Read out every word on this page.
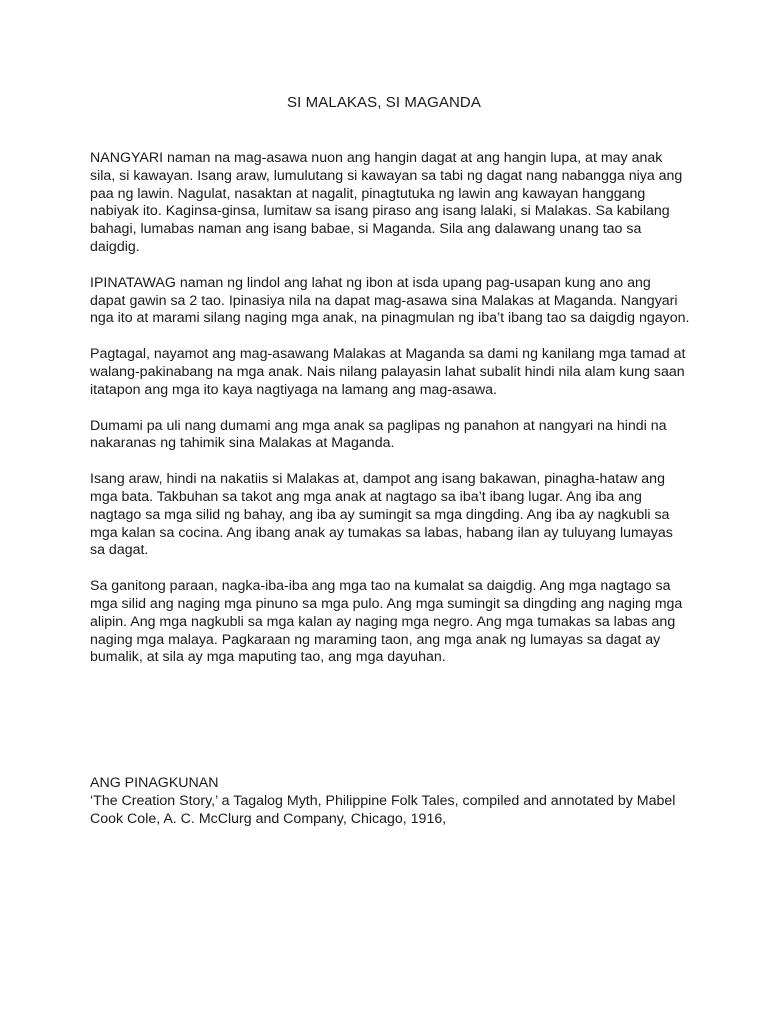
SI MALAKAS, SI MAGANDA

NANGYARI naman na mag-asawa nuon ang hangin dagat at ang hangin lupa, at may anak sila, si kawayan. Isang araw, lumulutang si kawayan sa tabi ng dagat nang nabangga niya ang paa ng lawin. Nagulat, nasaktan at nagalit, pinagtutuka ng lawin ang kawayan hanggang nabiyak ito. Kaginsa-ginsa, lumitaw sa isang piraso ang isang lalaki, si Malakas. Sa kabilang bahagi, lumabas naman ang isang babae, si Maganda. Sila ang dalawang unang tao sa daigdig.

IPINATAWAG naman ng lindol ang lahat ng ibon at isda upang pag-usapan kung ano ang dapat gawin sa 2 tao. Ipinasiya nila na dapat mag-asawa sina Malakas at Maganda. Nangyari nga ito at marami silang naging mga anak, na pinagmulan ng iba’t ibang tao sa daigdig ngayon.

Pagtagal, nayamot ang mag-asawang Malakas at Maganda sa dami ng kanilang mga tamad at walang-pakinabang na mga anak. Nais nilang palayasin lahat subalit hindi nila alam kung saan itatapon ang mga ito kaya nagtiyaga na lamang ang mag-asawa.

Dumami pa uli nang dumami ang mga anak sa paglipas ng panahon at nangyari na hindi na nakaranas ng tahimik sina Malakas at Maganda.

Isang araw, hindi na nakatiis si Malakas at, dampot ang isang bakawan, pinagha-hataw ang mga bata. Takbuhan sa takot ang mga anak at nagtago sa iba’t ibang lugar. Ang iba ang nagtago sa mga silid ng bahay, ang iba ay sumingit sa mga dingding. Ang iba ay nagkubli sa mga kalan sa cocina. Ang ibang anak ay tumakas sa labas, habang ilan ay tuluyang lumayas sa dagat.

Sa ganitong paraan, nagka-iba-iba ang mga tao na kumalat sa daigdig. Ang mga nagtago sa mga silid ang naging mga pinuno sa mga pulo. Ang mga sumingit sa dingding ang naging mga alipin. Ang mga nagkubli sa mga kalan ay naging mga negro. Ang mga tumakas sa labas ang naging mga malaya. Pagkaraan ng maraming taon, ang mga anak ng lumayas sa dagat ay bumalik, at sila ay mga maputing tao, ang mga dayuhan.

ANG PINAGKUNAN

‘The Creation Story,’ a Tagalog Myth, Philippine Folk Tales, compiled and annotated by Mabel Cook Cole, A. C. McClurg and Company, Chicago, 1916,
